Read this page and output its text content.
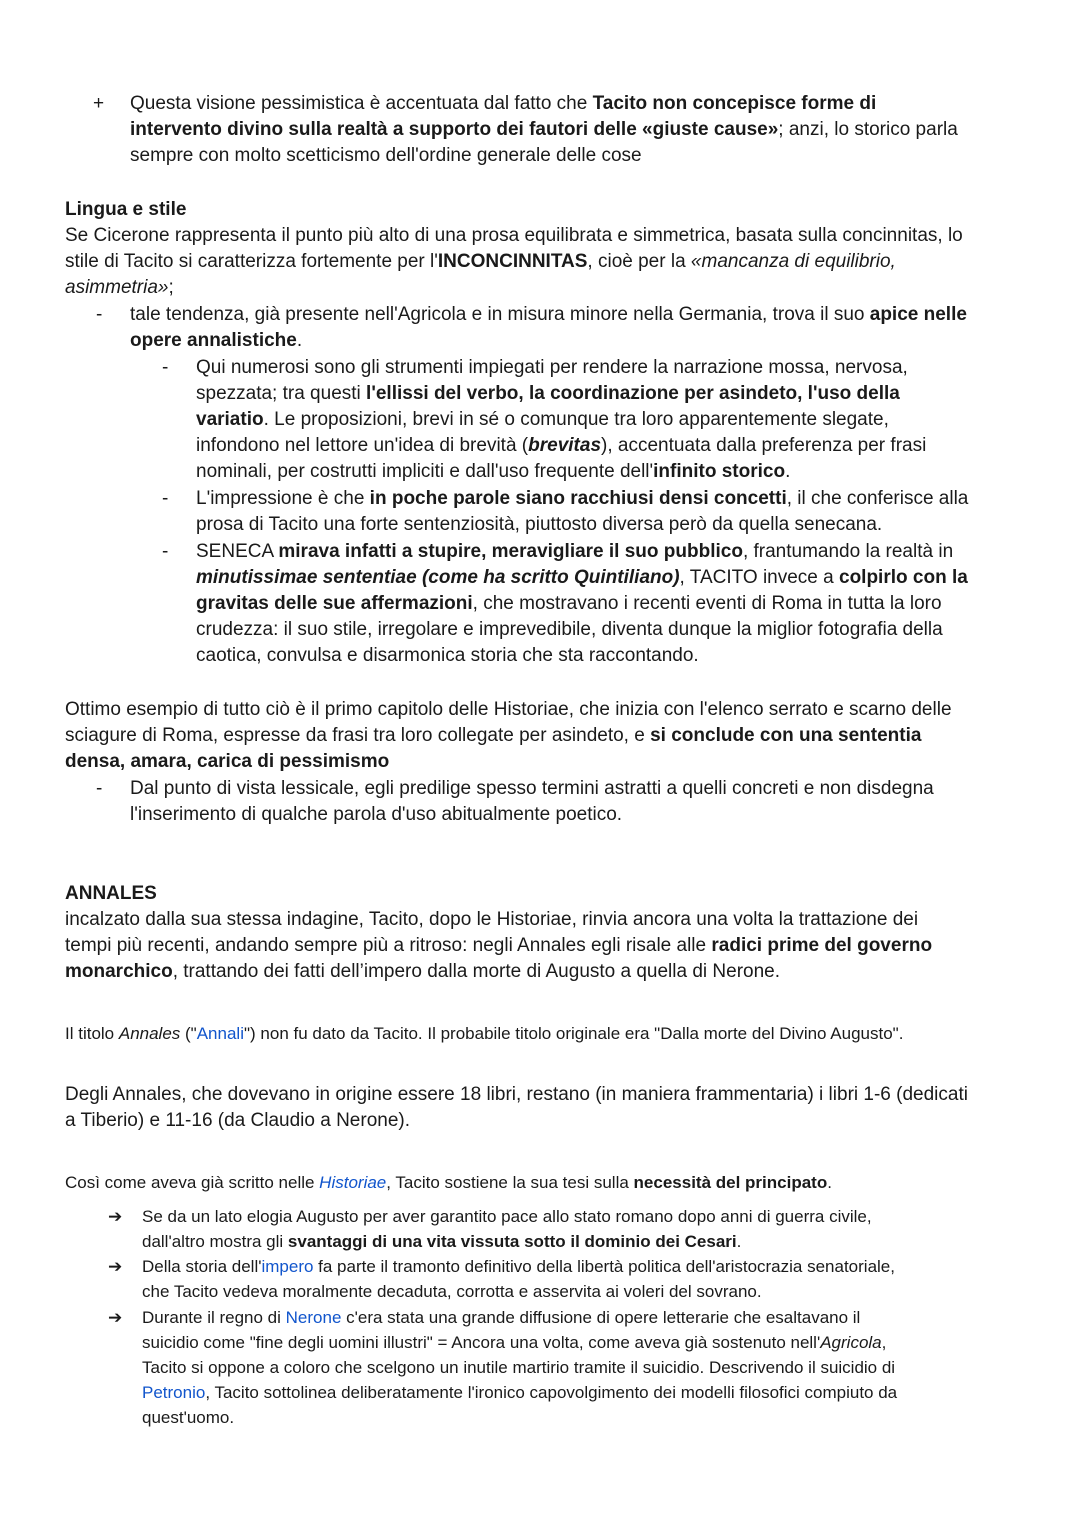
+ Questa visione pessimistica è accentuata dal fatto che Tacito non concepisce forme di
intervento divino sulla realtà a supporto dei fautori delle «giuste cause»; anzi, lo storico parla
sempre con molto scetticismo dell'ordine generale delle cose
Lingua e stile
Se Cicerone rappresenta il punto più alto di una prosa equilibrata e simmetrica, basata sulla concinnitas, lo
stile di Tacito si caratterizza fortemente per l'INCONCINNITAS, cioè per la «mancanza di equilibrio,
asimmetria»;
- tale tendenza, già presente nell'Agricola e in misura minore nella Germania, trova il suo apice nelle
opere annalistiche.
- Qui numerosi sono gli strumenti impiegati per rendere la narrazione mossa, nervosa,
spezzata; tra questi l'ellissi del verbo, la coordinazione per asindeto, l'uso della
variatio. Le proposizioni, brevi in sé o comunque tra loro apparentemente slegate,
infondono nel lettore un'idea di brevità (brevitas), accentuata dalla preferenza per frasi
nominali, per costrutti impliciti e dall'uso frequente dell'infinito storico.
- L'impressione è che in poche parole siano racchiusi densi concetti, il che conferisce alla
prosa di Tacito una forte sentenziosità, piuttosto diversa però da quella senecana.
- SENECA mirava infatti a stupire, meravigliare il suo pubblico, frantumando la realtà in
minutissimae sententiae (come ha scritto Quintiliano), TACITO invece a colpirlo con la
gravitas delle sue affermazioni, che mostravano i recenti eventi di Roma in tutta la loro
crudezza: il suo stile, irregolare e imprevedibile, diventa dunque la miglior fotografia della
caotica, convulsa e disarmonica storia che sta raccontando.
Ottimo esempio di tutto ciò è il primo capitolo delle Historiae, che inizia con l'elenco serrato e scarno delle
sciagure di Roma, espresse da frasi tra loro collegate per asindeto, e si conclude con una sententia
densa, amara, carica di pessimismo
- Dal punto di vista lessicale, egli predilige spesso termini astratti a quelli concreti e non disdegna
l'inserimento di qualche parola d'uso abitualmente poetico.
ANNALES
incalzato dalla sua stessa indagine, Tacito, dopo le Historiae, rinvia ancora una volta la trattazione dei
tempi più recenti, andando sempre più a ritroso: negli Annales egli risale alle radici prime del governo
monarchico, trattando dei fatti dell’impero dalla morte di Augusto a quella di Nerone.
Il titolo Annales ("Annali") non fu dato da Tacito. Il probabile titolo originale era "Dalla morte del Divino Augusto".
Degli Annales, che dovevano in origine essere 18 libri, restano (in maniera frammentaria) i libri 1-6 (dedicati
a Tiberio) e 11-16 (da Claudio a Nerone).
Così come aveva già scritto nelle Historiae, Tacito sostiene la sua tesi sulla necessità del principato.
➔ Se da un lato elogia Augusto per aver garantito pace allo stato romano dopo anni di guerra civile,
dall'altro mostra gli svantaggi di una vita vissuta sotto il dominio dei Cesari.
➔ Della storia dell'impero fa parte il tramonto definitivo della libertà politica dell'aristocrazia senatoriale,
che Tacito vedeva moralmente decaduta, corrotta e asservita ai voleri del sovrano.
➔ Durante il regno di Nerone c'era stata una grande diffusione di opere letterarie che esaltavano il
suicidio come "fine degli uomini illustri" = Ancora una volta, come aveva già sostenuto nell'Agricola,
Tacito si oppone a coloro che scelgono un inutile martirio tramite il suicidio. Descrivendo il suicidio di
Petronio, Tacito sottolinea deliberatamente l'ironico capovolgimento dei modelli filosofici compiuto da
quest'uomo.
